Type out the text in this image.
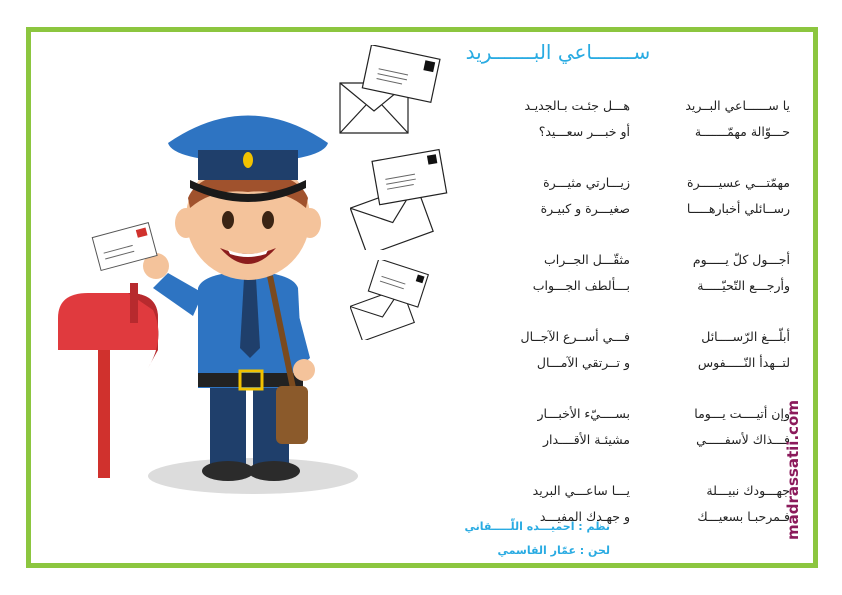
ســـــــاعي البـــــــريد
يا ســــــاعي البــريد
هـــل جئـت بـالجديـد
حـــوّالة مهمّـــــــة
أو خبـــر سعـــيد؟
مهمّتـــي عسيـــــرة
زيـــارتي مثيـــرة
رســائلي أخبارهـــــا
صغيـــرة و كبيـرة
أجـــول كلّ يـــــوم
مثقّـــل الجــراب
وأرجـــع التّحيّـــــة
بـــألطف الجـــواب
أبلّـــغ الرّســــائل
فـــي أســرع الآجــال
لتــهدأ النّـــــفوس
و تــرتقي الآمـــال
وإن أتيــــت يـــوما
بســــيّء الأخبـــار
فـــذاك لأسفـــــي
مشيئـة الأقــــدار
جهـــودك نبيـــلة
يـــا ساعـــي البريد
فـمرحبـا بسعيـــك
و جهـدك المفيـــد
نظم : احميـــده اللّـــــقاني
لحن : عمّار القاسمي
madrassatii.com
